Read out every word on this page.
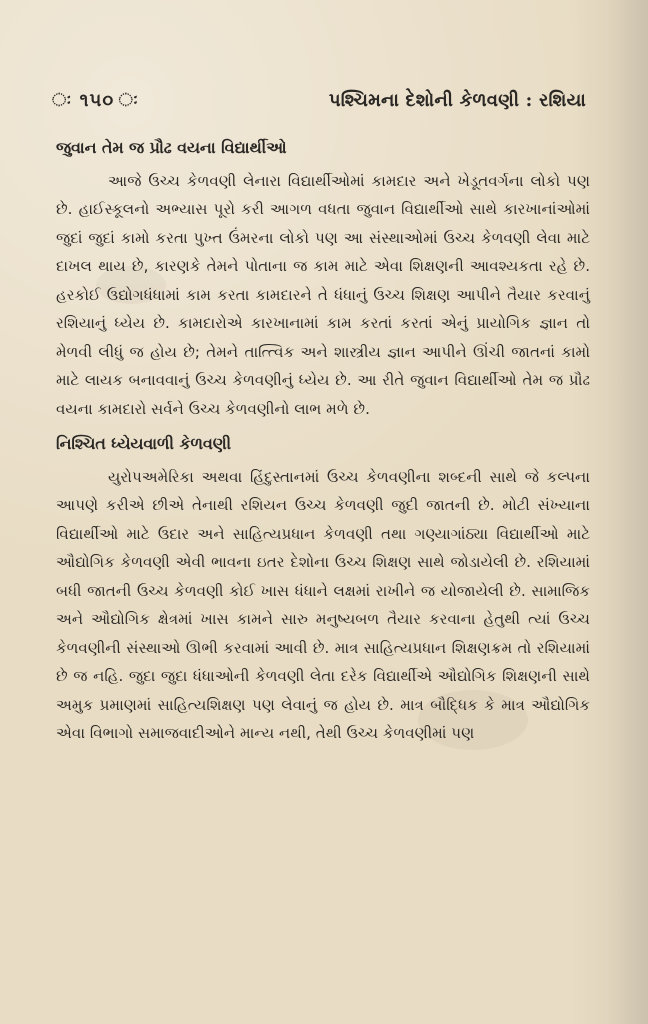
ઃ ૧૫૦ ઃ	પશ્ચિમના દેશોની કેળવણી : રશિયા
જુવાન તેમ જ પ્રૌઢ વયના વિદ્યાર્થીઓ

આજે ઉચ્ચ કેળવણી લેનારા વિદ્યાર્થીઓમાં કામદાર અને ખેડૂતવર્ગના લોકો પણ છે. હાઈસ્કૂલનો અભ્યાસ પૂરો કરી આગળ વધતા જુવાન વિદ્યાર્થીઓ સાથે કારખાનાંઓમાં જુદાં જુદાં કામો કરતા પુખ્ત ઉંમરના લોકો પણ આ સંસ્થાઓમાં ઉચ્ચ કેળવણી લેવા માટે દાખલ થાય છે, કારણકે તેમને પોતાના જ કામ માટે એવા શિક્ષણની આવશ્યકતા રહે છે. હરકોઈ ઉદ્યોગધંધામાં કામ કરતા કામદારને તે ધંધાનું ઉચ્ચ શિક્ષણ આપીને તૈયાર કરવાનું રશિયાનું ધ્યેય છે. કામદારોએ કારખાનામાં કામ કરતાં કરતાં એનું પ્રાયોગિક જ્ઞાન તો મેળવી લીધું જ હોય છે; તેમને તાત્ત્વિક અને શાસ્ત્રીય જ્ઞાન આપીને ઊંચી જાતનાં કામો માટે લાયક બનાવવાનું ઉચ્ચ કેળવણીનું ધ્યેય છે. આ રીતે જુવાન વિદ્યાર્થીઓ તેમ જ પ્રૌઢ વયના કામદારો સર્વને ઉચ્ચ કેળવણીનો લાભ મળે છે.

નિશ્ચિત ધ્યેયવાળી કેળવણી

યુરોપઅમેરિકા અથવા હિંદુસ્તાનમાં ઉચ્ચ કેળવણીના શબ્દની સાથે જે કલ્પના આપણે કરીએ છીએ તેનાથી રશિયન ઉચ્ચ કેળવણી જુદી જાતની છે. મોટી સંખ્યાના વિદ્યાર્થીઓ માટે ઉદાર અને સાહિત્યપ્રધાન કેળવણી તથા ગણ્યાગાંઠ્યા વિદ્યાર્થીઓ માટે ઔદ્યોગિક કેળવણી એવી ભાવના ઇતર દેશોના ઉચ્ચ શિક્ષણ સાથે જોડાયેલી છે. રશિયામાં બધી જાતની ઉચ્ચ કેળવણી કોઈ ખાસ ધંધાને લક્ષમાં રાખીને જ યોજાયેલી છે. સામાજિક અને ઔદ્યોગિક ક્ષેત્રમાં ખાસ કામને સારુ મનુષ્યબળ તૈયાર કરવાના હેતુથી ત્યાં ઉચ્ચ કેળવણીની સંસ્થાઓ ઊભી કરવામાં આવી છે. માત્ર સાહિત્યપ્રધાન શિક્ષણક્રમ તો રશિયામાં છે જ નહિ. જુદા જુદા ધંધાઓની કેળવણી લેતા દરેક વિદ્યાર્થીએ ઔદ્યોગિક શિક્ષણની સાથે અમુક પ્રમાણમાં સાહિત્યશિક્ષણ પણ લેવાનું જ હોય છે. માત્ર બૌદ્ધિક કે માત્ર ઔદ્યોગિક એવા વિભાગો સમાજવાદીઓને માન્ય નથી, તેથી ઉચ્ચ કેળવણીમાં પણ
